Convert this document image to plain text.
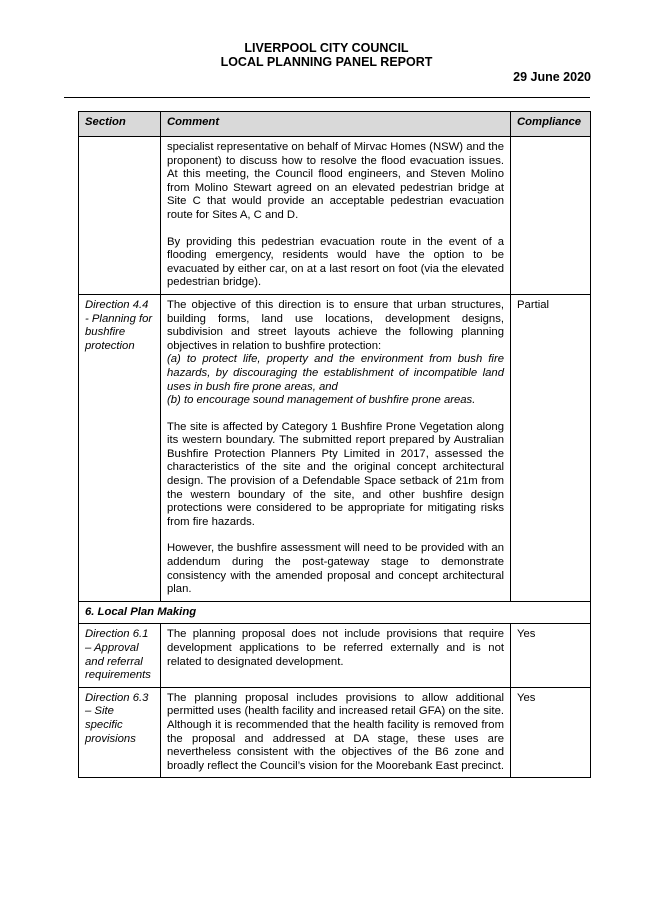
LIVERPOOL CITY COUNCIL
LOCAL PLANNING PANEL REPORT
29 June 2020
Section	Comment	Compliance

	specialist representative on behalf of Mirvac Homes (NSW) and the proponent) to discuss how to resolve the flood evacuation issues. At this meeting, the Council flood engineers, and Steven Molino from Molino Stewart agreed on an elevated pedestrian bridge at Site C that would provide an acceptable pedestrian evacuation route for Sites A, C and D.

By providing this pedestrian evacuation route in the event of a flooding emergency, residents would have the option to be evacuated by either car, on at a last resort on foot (via the elevated pedestrian bridge).	

Direction 4.4 - Planning for bushfire protection	The objective of this direction is to ensure that urban structures, building forms, land use locations, development designs, subdivision and street layouts achieve the following planning objectives in relation to bushfire protection:
(a) to protect life, property and the environment from bush fire hazards, by discouraging the establishment of incompatible land uses in bush fire prone areas, and
(b) to encourage sound management of bushfire prone areas.

The site is affected by Category 1 Bushfire Prone Vegetation along its western boundary. The submitted report prepared by Australian Bushfire Protection Planners Pty Limited in 2017, assessed the characteristics of the site and the original concept architectural design. The provision of a Defendable Space setback of 21m from the western boundary of the site, and other bushfire design protections were considered to be appropriate for mitigating risks from fire hazards.

However, the bushfire assessment will need to be provided with an addendum during the post-gateway stage to demonstrate consistency with the amended proposal and concept architectural plan.	Partial
6. Local Plan Making		
Direction 6.1 – Approval and referral requirements	The planning proposal does not include provisions that require development applications to be referred externally and is not related to designated development.	Yes
Direction 6.3 – Site specific provisions	The planning proposal includes provisions to allow additional permitted uses (health facility and increased retail GFA) on the site. Although it is recommended that the health facility is removed from the proposal and addressed at DA stage, these uses are nevertheless consistent with the objectives of the B6 zone and broadly reflect the Council’s vision for the Moorebank East precinct.	Yes
